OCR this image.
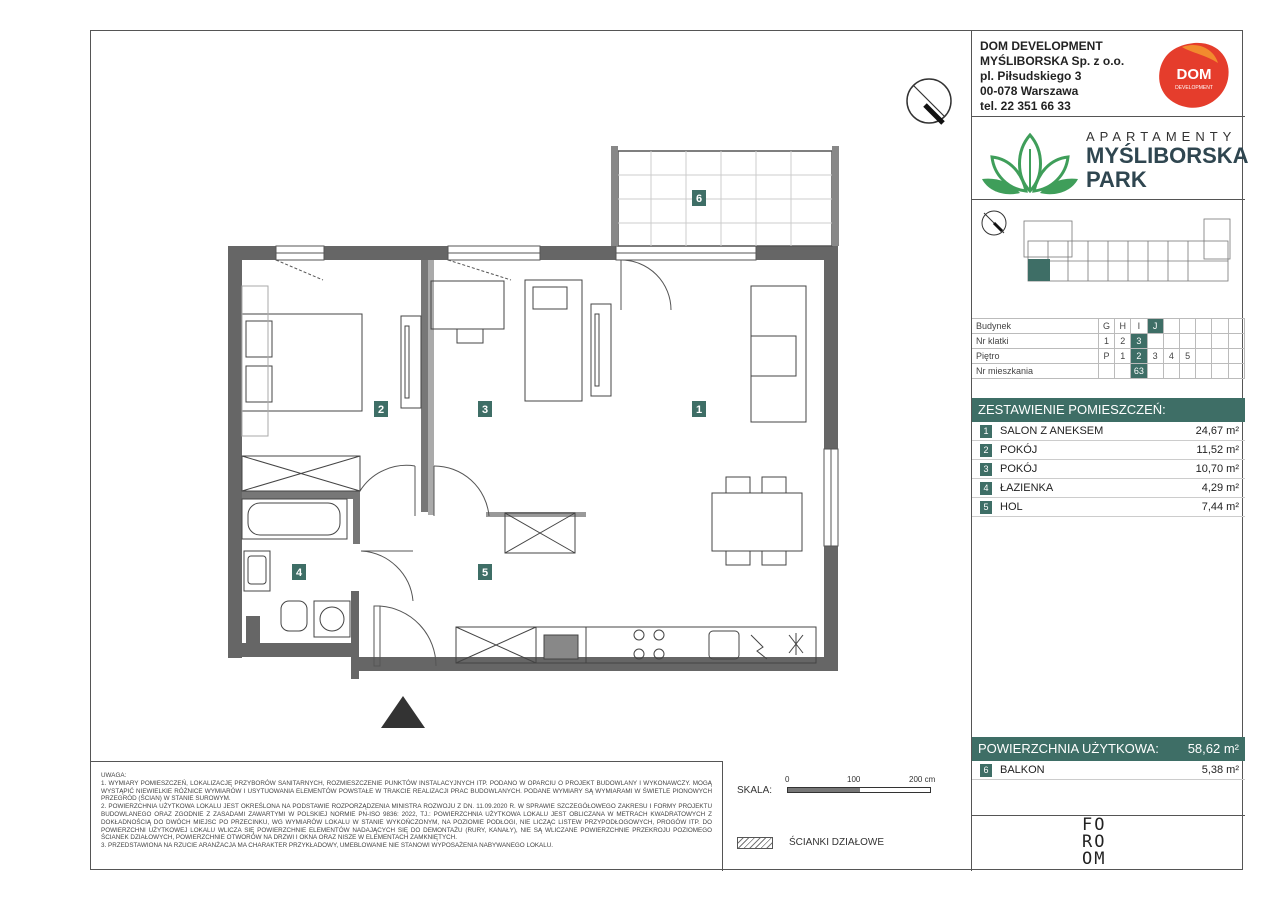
1
2	3
4	5
6
DOM DEVELOPMENT
MYŚLIBORSKA Sp. z o.o.
pl. Piłsudskiego 3
00-078 Warszawa
tel. 22 351 66 33
DOM
DEVELOPMENT
APARTAMENTY
MYŚLIBORSKA
PARK
Budynek	G	H	I	J					
Nr klatki	1	2	3						
Piętro	P	1	2	3	4	5			
Nr mieszkania			63						
ZESTAWIENIE POMIESZCZEŃ:
1	SALON Z ANEKSEM	24,67 m²
2	POKÓJ	11,52 m²
3	POKÓJ	10,70 m²
4	ŁAZIENKA	4,29 m²
5	HOL	7,44 m²
POWIERZCHNIA UŻYTKOWA: 58,62 m²
6	BALKON	5,38 m²
FO
RO
OM

UWAGA:

1. WYMIARY POMIESZCZEŃ, LOKALIZACJĘ PRZYBORÓW SANITARNYCH, ROZMIESZCZENIE PUNKTÓW INSTALACYJNYCH ITP. PODANO W OPARCIU O PROJEKT BUDOWLANY I WYKONAWCZY. MOGĄ WYSTĄPIĆ NIEWIELKIE RÓŻNICE WYMIARÓW I USYTUOWANIA ELEMENTÓW POWSTAŁE W TRAKCIE REALIZACJI PRAC BUDOWLANYCH. PODANE WYMIARY SĄ WYMIARAMI W ŚWIETLE PIONOWYCH PRZEGRÓD (ŚCIAN) W STANIE SUROWYM.

2. POWIERZCHNIA UŻYTKOWA LOKALU JEST OKREŚLONA NA PODSTAWIE ROZPORZĄDZENIA MINISTRA ROZWOJU Z DN. 11.09.2020 R. W SPRAWIE SZCZEGÓŁOWEGO ZAKRESU I FORMY PROJEKTU BUDOWLANEGO ORAZ ZGODNIE Z ZASADAMI ZAWARTYMI W POLSKIEJ NORMIE PN-ISO 9836: 2022, TJ.: POWIERZCHNIA UŻYTKOWA LOKALU JEST OBLICZANA W METRACH KWADRATOWYCH Z DOKŁADNOŚCIĄ DO DWÓCH MIEJSC PO PRZECINKU, WG WYMIARÓW LOKALU W STANIE WYKOŃCZONYM, NA POZIOMIE PODŁOGI, NIE LICZĄC LISTEW PRZYPODŁOGOWYCH, PROGÓW ITP. DO POWIERZCHNI UŻYTKOWEJ LOKALU WLICZA SIĘ POWIERZCHNIE ELEMENTÓW NADAJĄCYCH SIĘ DO DEMONTAŻU (RURY, KANAŁY), NIE SĄ WLICZANE POWIERZCHNIE PRZEKROJU POZIOMEGO ŚCIANEK DZIAŁOWYCH, POWIERZCHNIE OTWORÓW NA DRZWI I OKNA ORAZ NISZE W ELEMENTACH ZAMKNIĘTYCH.

3. PRZEDSTAWIONA NA RZUCIE ARANŻACJA MA CHARAKTER PRZYKŁADOWY, UMEBLOWANIE NIE STANOWI WYPOSAŻENIA NABYWANEGO LOKALU.

SKALA:
0	100	200 cm
ŚCIANKI DZIAŁOWE
